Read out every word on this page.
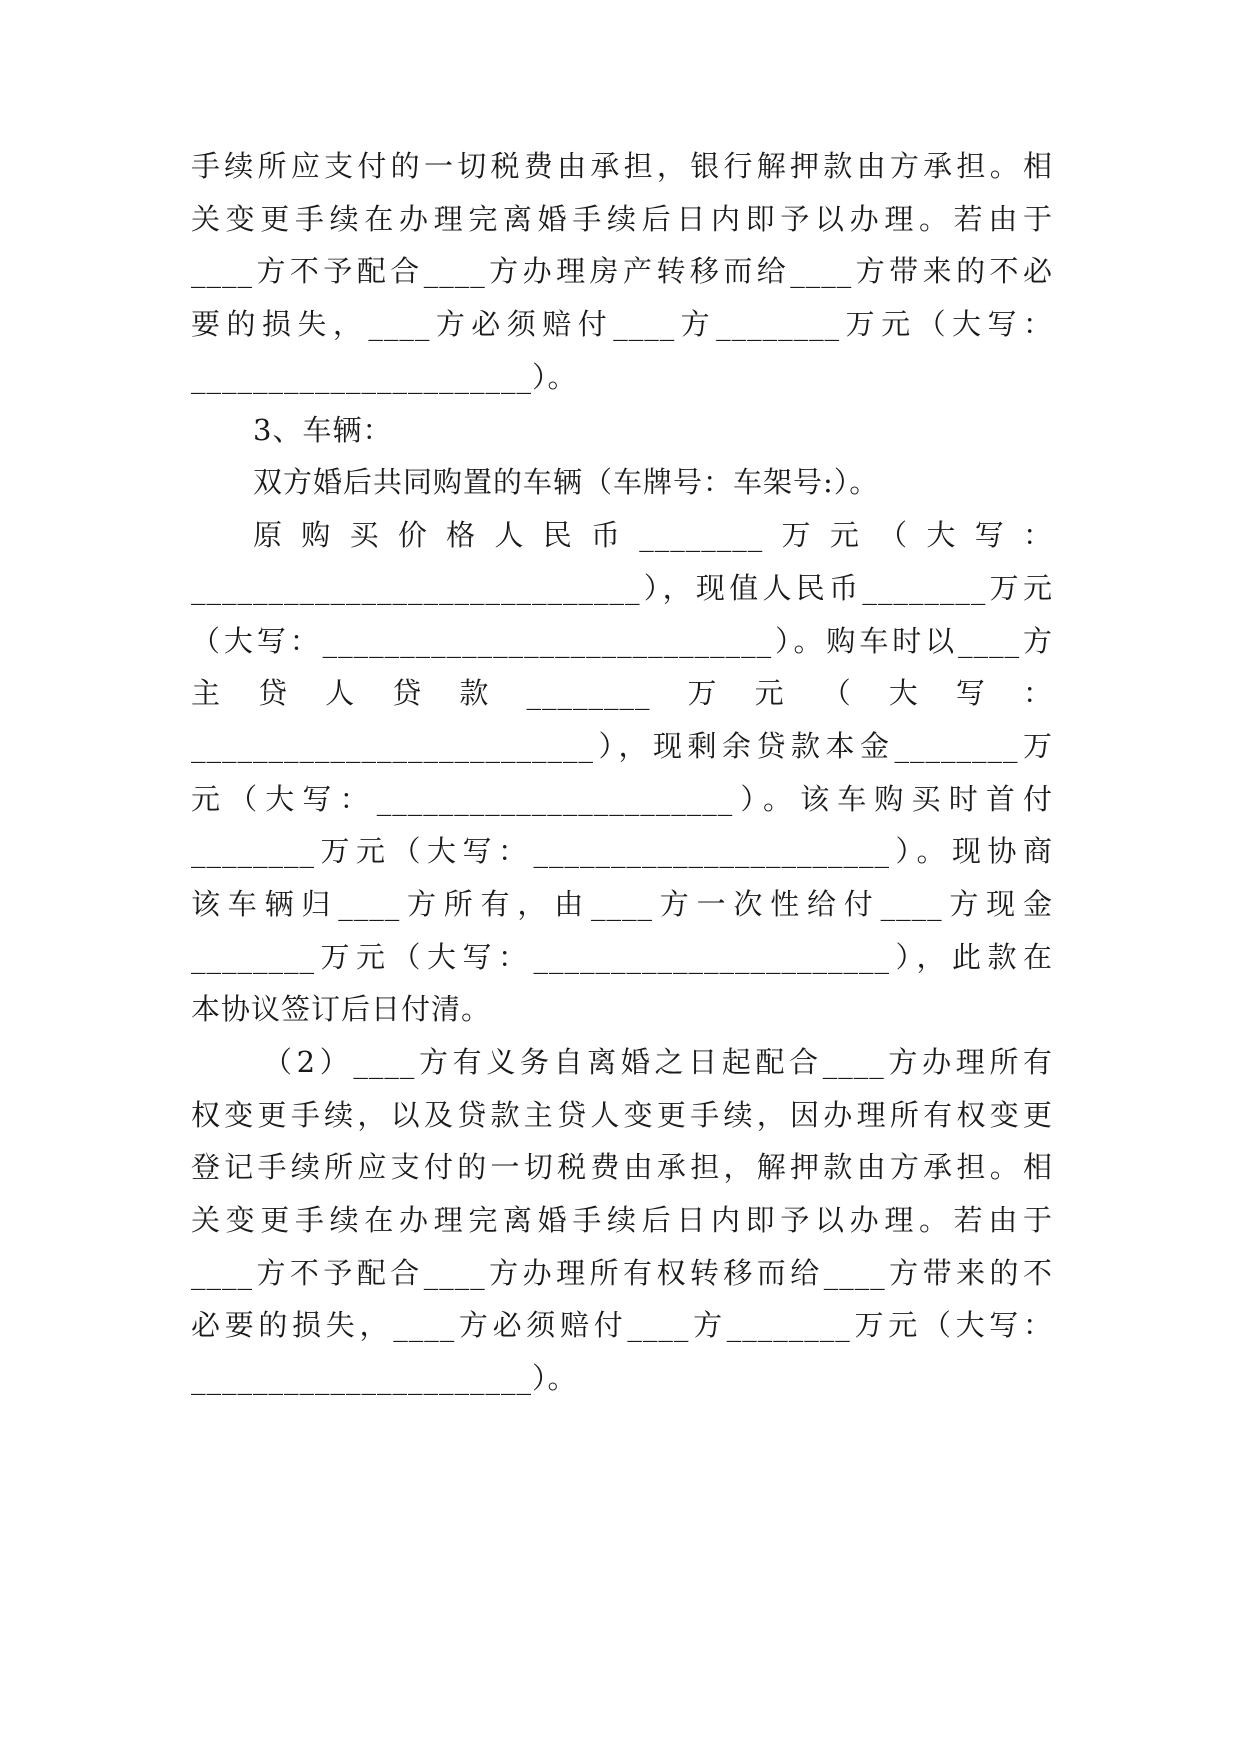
手续所应支付的一切税费由承担，银行解押款由方承担。相
关变更手续在办理完离婚手续后日内即予以办理。若由于
____方不予配合____方办理房产转移而给____方带来的不必
要的损失，____方必须赔付____方________万元（大写：
______________________）。
3、车辆：
双方婚后共同购置的车辆（车牌号：车架号:）。
原购买价格人民币________万元（大写：
_____________________________），现值人民币________万元
（大写：_____________________________）。购车时以____方
主贷人贷款________万元（大写：
__________________________），现剩余贷款本金________万
元（大写：_______________________）。该车购买时首付
________万元（大写：_______________________）。现协商
该车辆归____方所有，由____方一次性给付____方现金
________万元（大写：_______________________），此款在
本协议签订后日付清。
（2）____方有义务自离婚之日起配合____方办理所有
权变更手续，以及贷款主贷人变更手续，因办理所有权变更
登记手续所应支付的一切税费由承担，解押款由方承担。相
关变更手续在办理完离婚手续后日内即予以办理。若由于
____方不予配合____方办理所有权转移而给____方带来的不
必要的损失，____方必须赔付____方________万元（大写：
______________________）。
